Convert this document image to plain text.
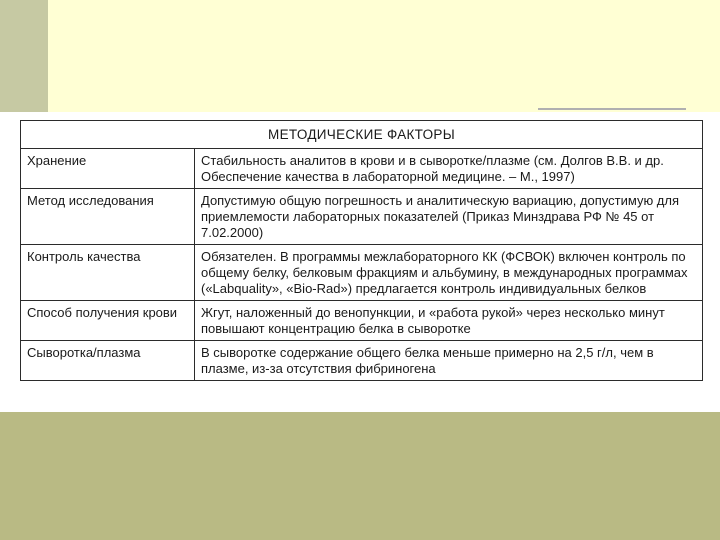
МЕТОДИЧЕСКИЕ ФАКТОРЫ	
Хранение	Стабильность аналитов в крови и в сыворотке/плазме (см. Долгов В.В. и др. Обеспечение качества в лабораторной медицине. – М., 1997)
Метод исследования	Допустимую общую погрешность и аналитическую вариацию, допустимую для приемлемости лабораторных показателей (Приказ Минздрава РФ № 45 от 7.02.2000)
Контроль качества	Обязателен. В программы межлабораторного КК (ФСВОК) включен контроль по общему белку, белковым фракциям и альбумину, в международных программах («Labquality», «Bio-Rad») предлагается контроль индивидуальных белков
Способ получения крови	Жгут, наложенный до венопункции, и «работа рукой» через несколько минут повышают концентрацию белка в сыворотке
Сыворотка/плазма	В сыворотке содержание общего белка меньше примерно на 2,5 г/л, чем в плазме, из-за отсутствия фибриногена
